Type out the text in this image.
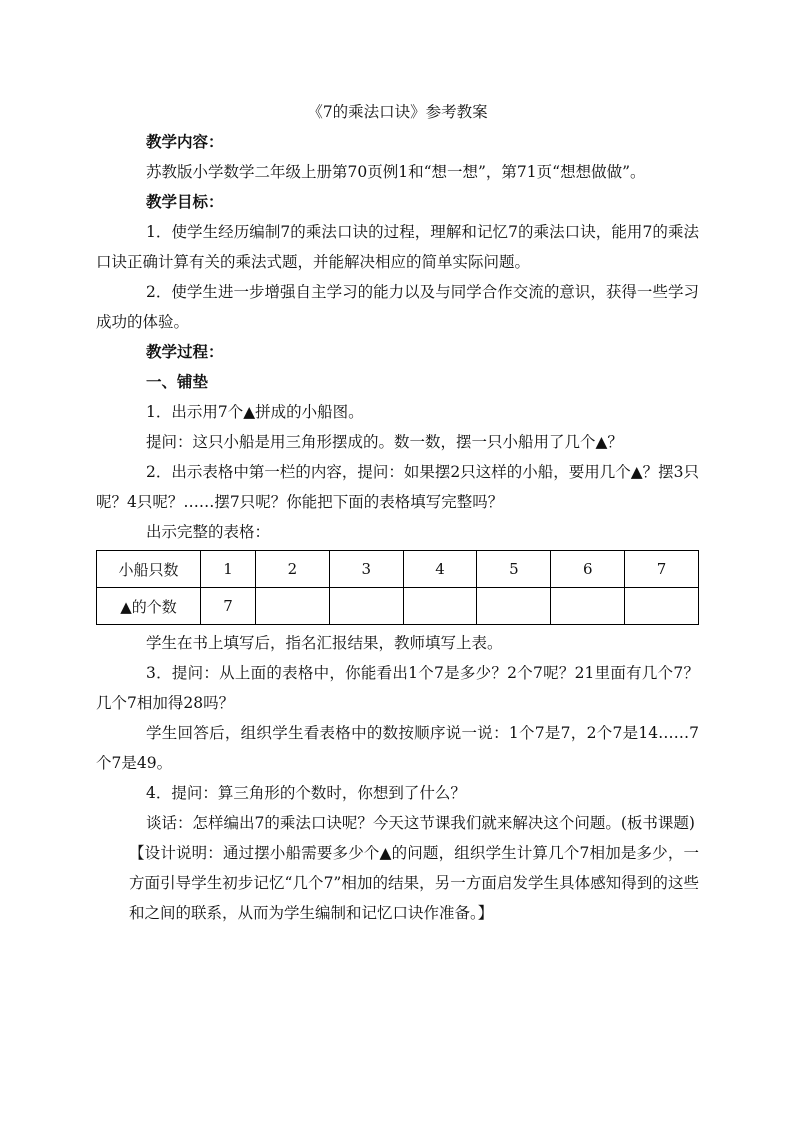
《7的乘法口诀》参考教案

教学内容：

苏教版小学数学二年级上册第70页例1和“想一想”，第71页“想想做做”。

教学目标：

1．使学生经历编制7的乘法口诀的过程，理解和记忆7的乘法口诀，能用7的乘法口诀正确计算有关的乘法式题，并能解决相应的简单实际问题。

2．使学生进一步增强自主学习的能力以及与同学合作交流的意识，获得一些学习成功的体验。

教学过程：

一、铺垫

1．出示用7个▲拼成的小船图。

提问：这只小船是用三角形摆成的。数一数，摆一只小船用了几个▲？

2．出示表格中第一栏的内容，提问：如果摆2只这样的小船，要用几个▲？摆3只呢？4只呢？……摆7只呢？你能把下面的表格填写完整吗？

出示完整的表格：

小船只数	1	2	3	4	5	6	7
▲的个数	7						

学生在书上填写后，指名汇报结果，教师填写上表。

3．提问：从上面的表格中，你能看出1个7是多少？2个7呢？21里面有几个7？几个7相加得28吗？

学生回答后，组织学生看表格中的数按顺序说一说：1个7是7，2个7是14……7个7是49。

4．提问：算三角形的个数时，你想到了什么？

谈话：怎样编出7的乘法口诀呢？今天这节课我们就来解决这个问题。(板书课题)

【设计说明：通过摆小船需要多少个▲的问题，组织学生计算几个7相加是多少，一方面引导学生初步记忆“几个7”相加的结果，另一方面启发学生具体感知得到的这些和之间的联系，从而为学生编制和记忆口诀作准备。】
